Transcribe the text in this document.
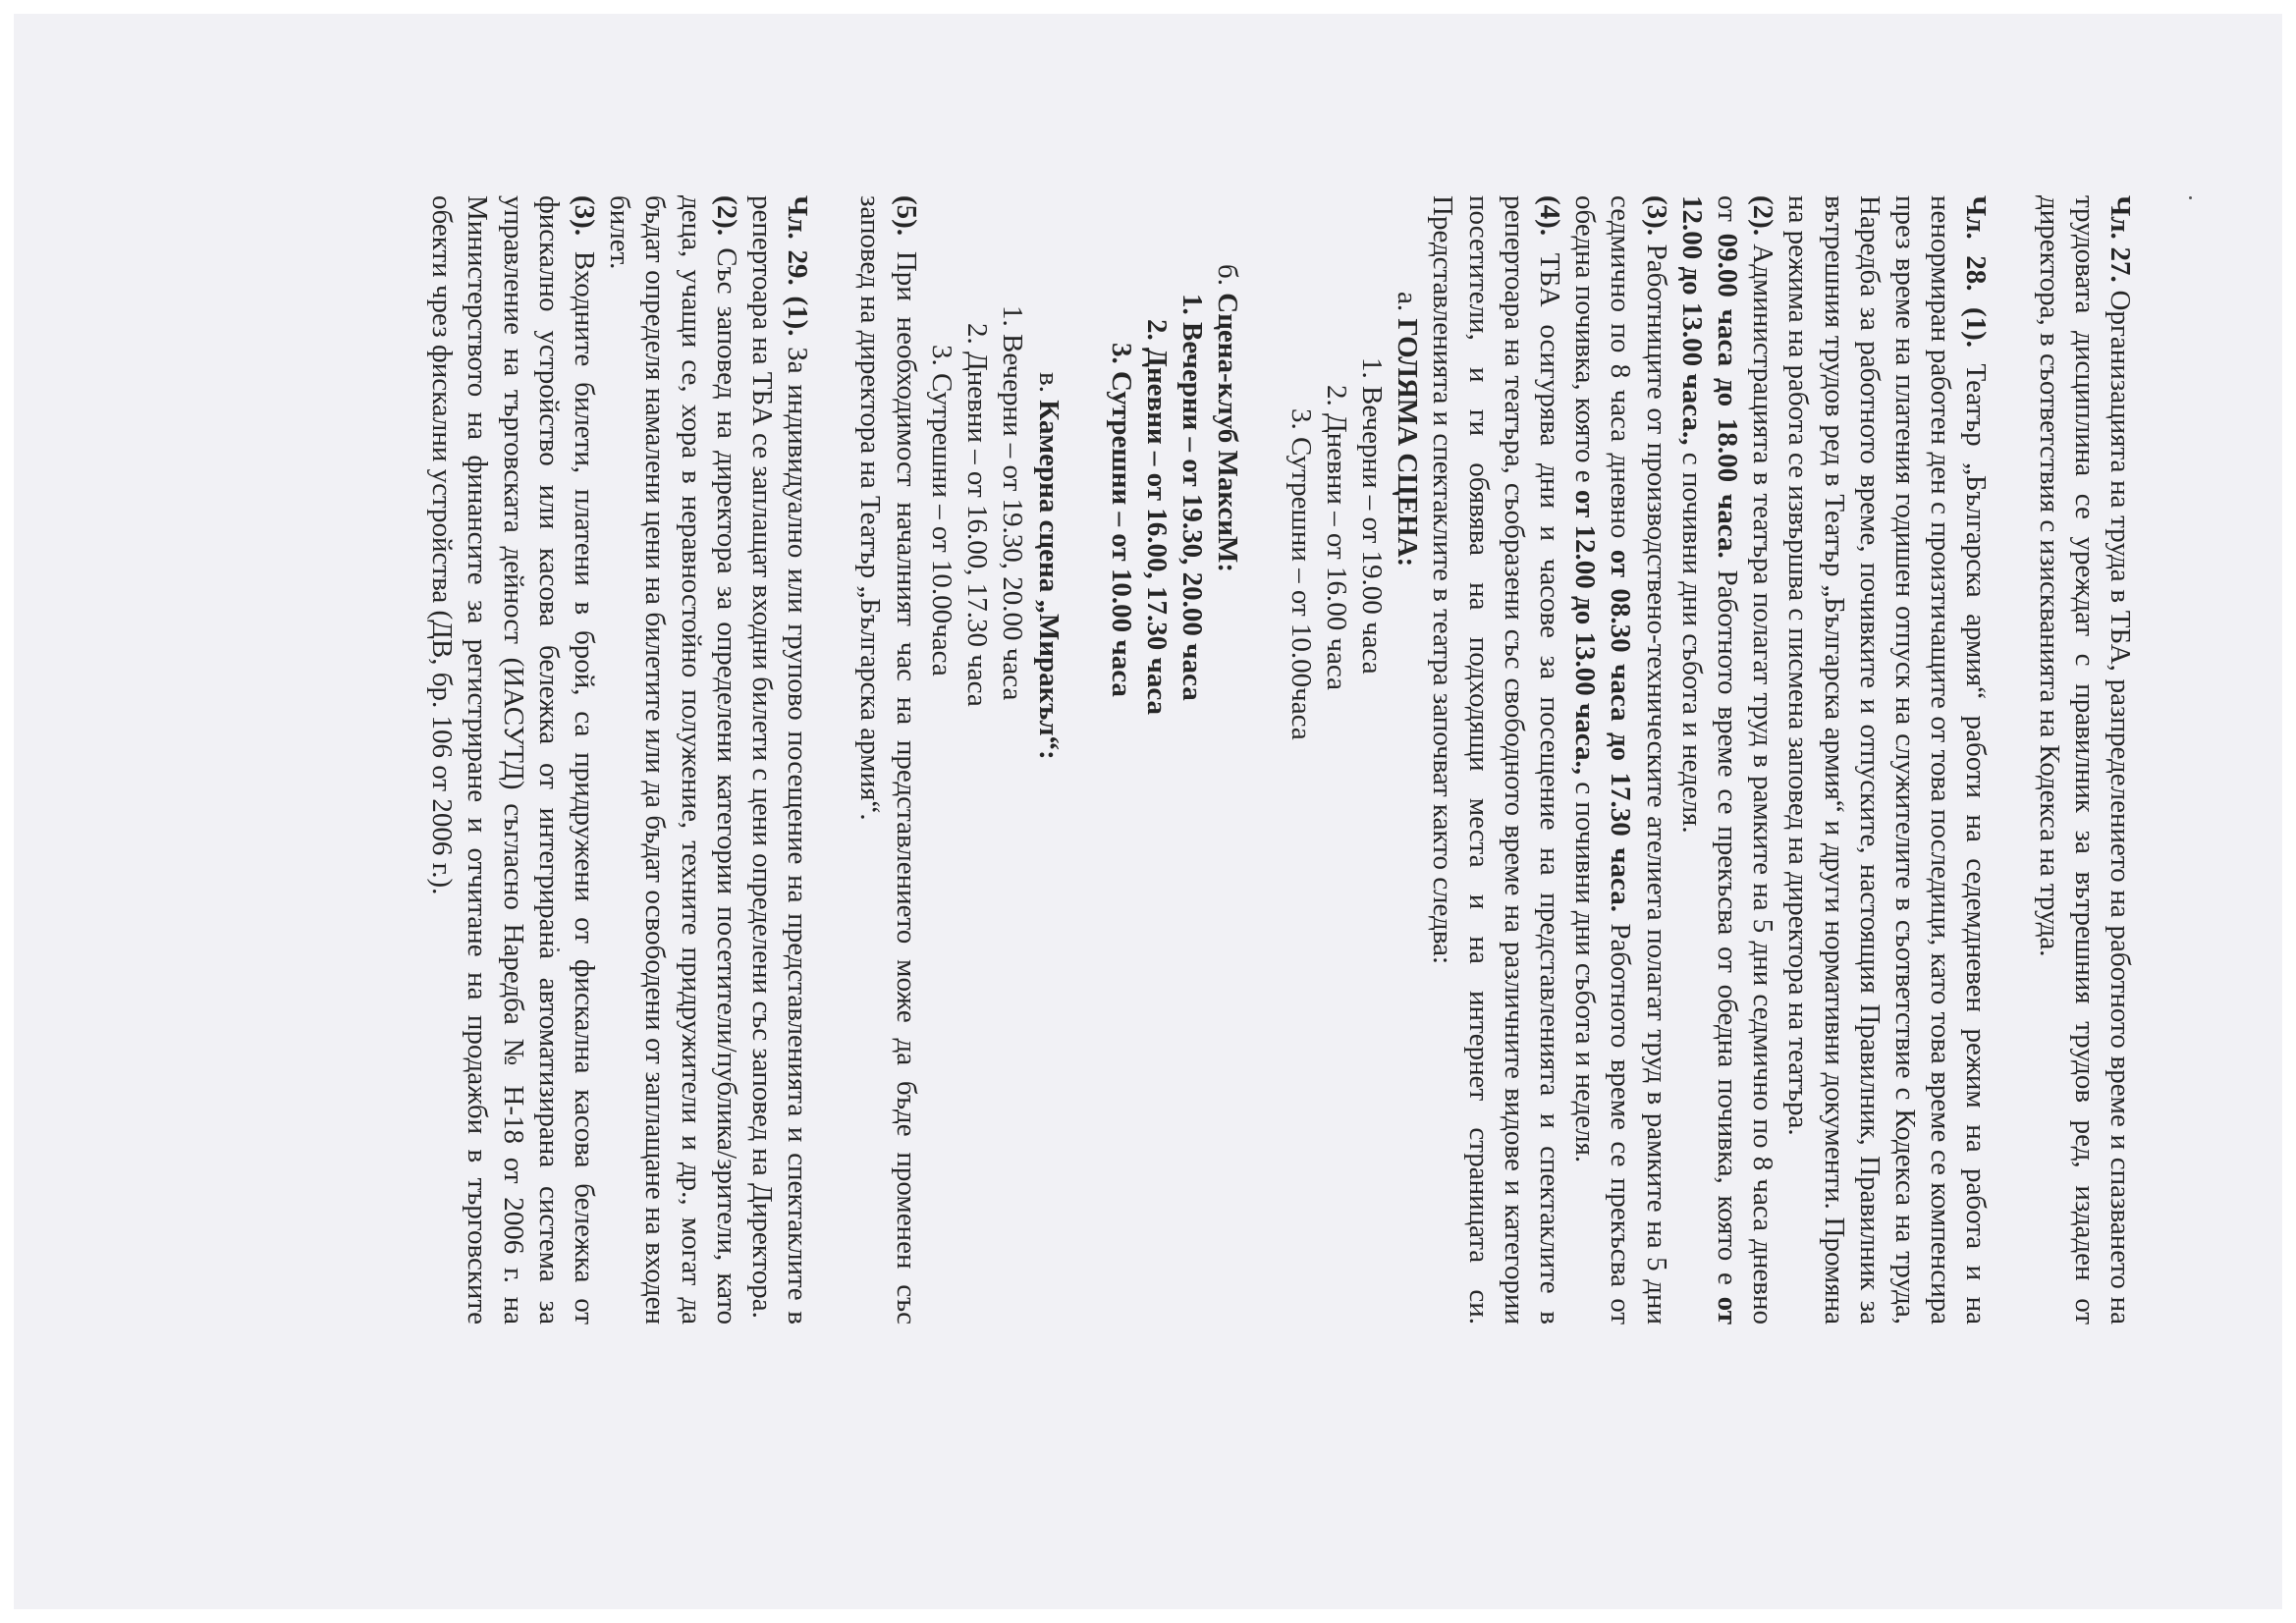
Чл. 27. Организацията на труда в ТБА, разпределението на работното време и спазването на трудовата дисциплина се уреждат с правилник за вътрешния трудов ред, издаден от директора, в съответствия с изискванията на Кодекса на труда.

Чл. 28. (1). Театър „Българска армия“ работи на седемдневен режим на работа и на ненормиран работен ден с произтичащите от това последици, като това време се компенсира през време на платения годишен отпуск на служителите в съответствие с Кодекса на труда, Наредба за работното време, почивките и отпуските, настоящия Правилник, Правилник за вътрешния трудов ред в Театър „Българска армия“ и други нормативни документи. Промяна на режима на работа се извършва с писмена заповед на директора на театъра.

(2). Администрацията в театъра полагат труд в рамките на 5 дни седмично по 8 часа дневно от 09.00 часа до 18.00 часа. Работното време се прекъсва от обедна почивка, която е от 12.00 до 13.00 часа., с почивни дни събота и неделя.

(3). Работниците от производствено-техническите ателиета полагат труд в рамките на 5 дни седмично по 8 часа дневно от 08.30 часа до 17.30 часа. Работното време се прекъсва от обедна почивка, която е от 12.00 до 13.00 часа., с почивни дни събота и неделя.

(4). ТБА осигурява дни и часове за посещение на представленията и спектаклите в репертоара на театъра, съобразени със свободното време на различните видове и категории посетители, и ги обявява на подходящи места и на интернет страницата си. Представленията и спектаклите в театра започват както следва:

а. ГОЛЯМА СЦЕНА:

1. Вечерни – от 19.00 часа
2. Дневни – от 16.00 часа
3. Сутрешни – от 10.00часа

б. Сцена-клуб МаксиМ:

1. Вечерни – от 19.30, 20.00 часа
2. Дневни – от 16.00, 17.30 часа
3. Сутрешни – от 10.00 часа

в. Камерна сцена „Миракъл“:

1. Вечерни – от 19.30, 20.00 часа
2. Дневни – от 16.00, 17.30 часа
3. Сутрешни – от 10.00часа

(5). При необходимост началният час на представлението може да бъде променен със заповед на директора на Театър „Българска армия“.

Чл. 29. (1). За индивидуално или групово посещение на представленията и спектаклите в репертоара на ТБА се заплащат входни билети с цени определени със заповед на Директора.

(2). Със заповед на директора за определени категории посетители/публика/зрители, като деца, учащи се, хора в неравностойно полужение, техните придружители и др., могат да бъдат определя намалени цени на билетите или да бъдат освободени от заплащане на входен билет.

(3). Входните билети, платени в брой, са придружени от фискална касова бележка от фискално устройство или касова бележка от интегрирана автоматизирана система за управление на търговската дейност (ИАСУТД) съгласно Наредба № Н-18 от 2006 г. на Министерството на финансите за регистриране и отчитане на продажби в търговските обекти чрез фискални устройства (ДВ, бр. 106 от 2006 г.).
